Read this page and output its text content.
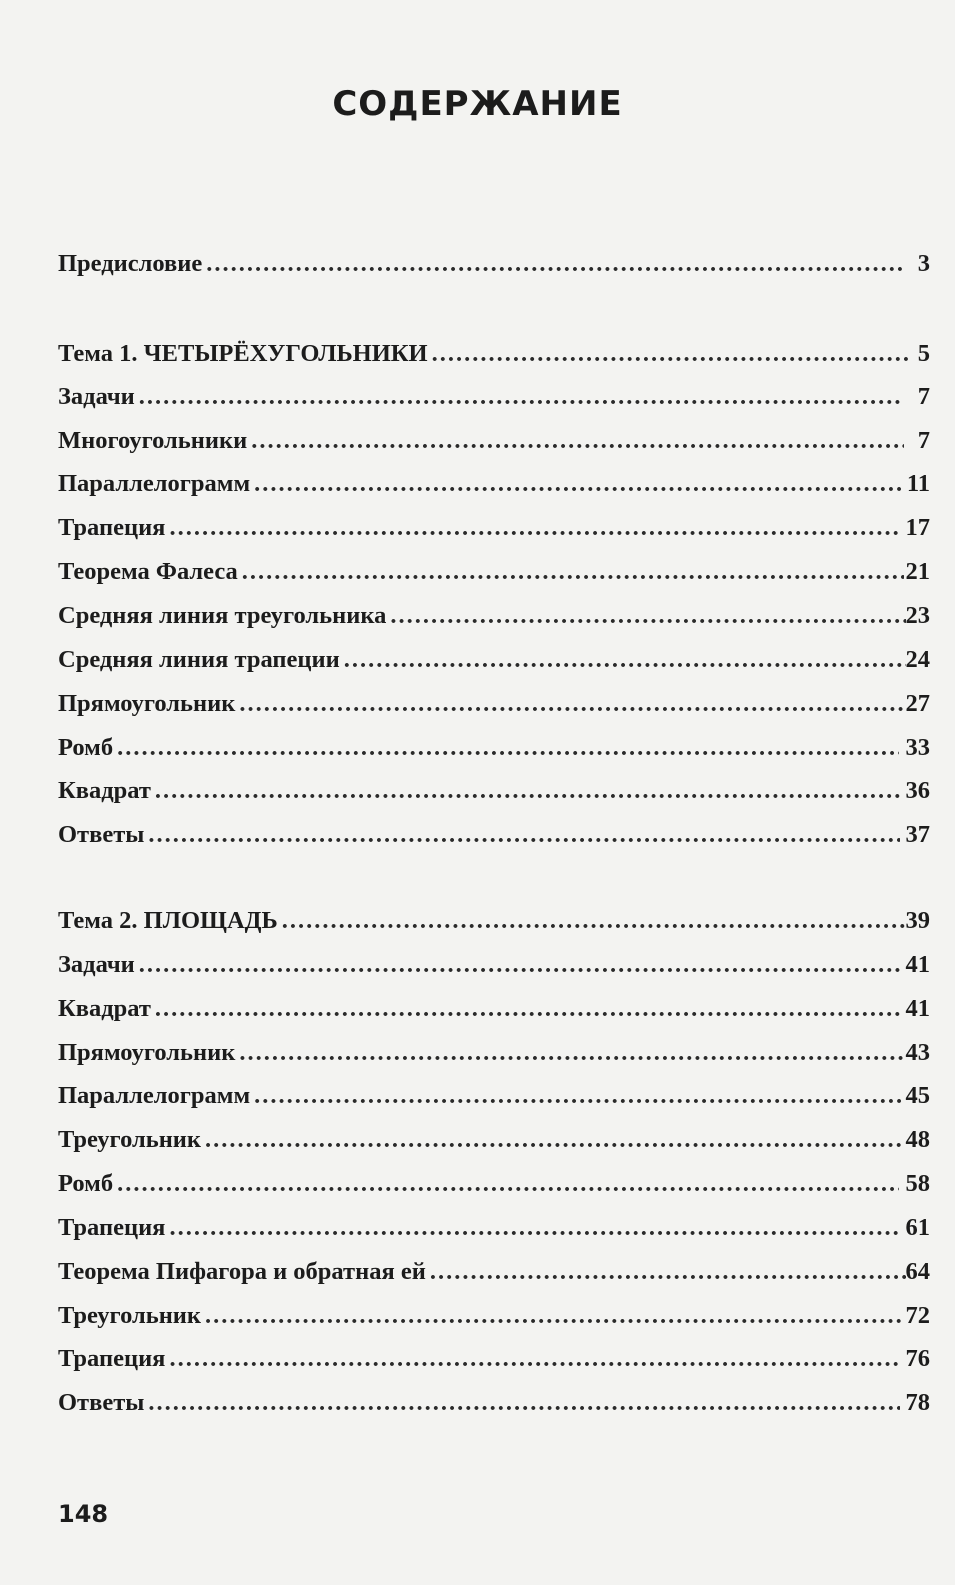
СОДЕРЖАНИЕ
Предисловие .....	3
Тема 1. ЧЕТЫРЁХУГОЛЬНИКИ .....	5
Задачи .....	7
Многоугольники .....	7
Параллелограмм .....	11
Трапеция .....	17
Теорема Фалеса .....	21
Средняя линия треугольника .....	23
Средняя линия трапеции .....	24
Прямоугольник .....	27
Ромб .....	33
Квадрат .....	36
Ответы .....	37
Тема 2. ПЛОЩАДЬ .....	39
Задачи .....	41
Квадрат .....	41
Прямоугольник .....	43
Параллелограмм .....	45
Треугольник .....	48
Ромб .....	58
Трапеция .....	61
Теорема Пифагора и обратная ей .....	64
Треугольник .....	72
Трапеция .....	76
Ответы .....	78
148
